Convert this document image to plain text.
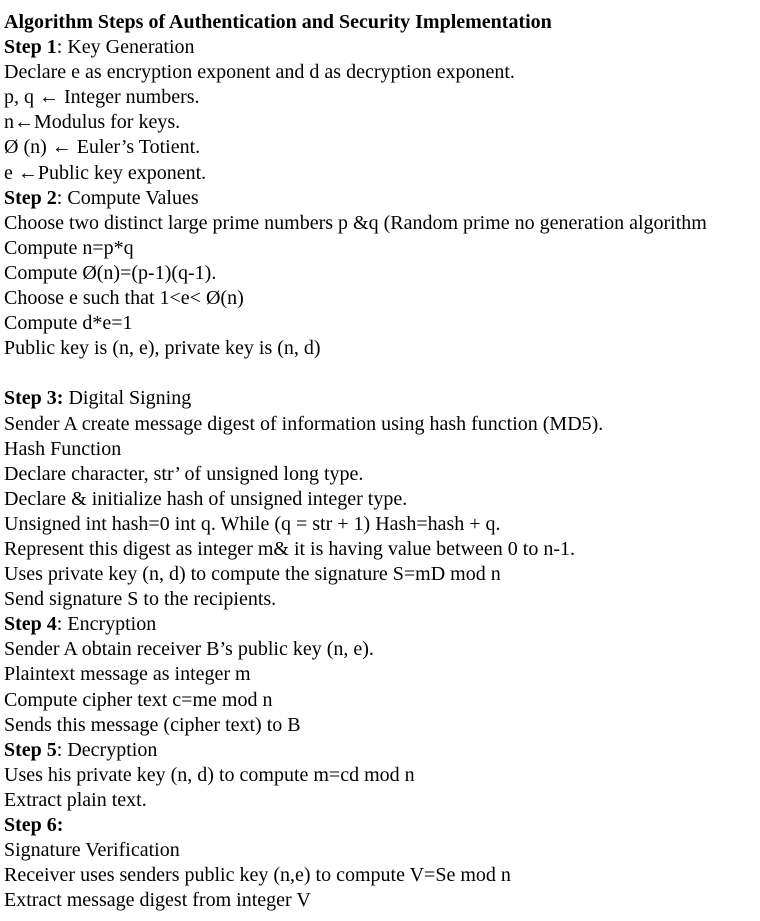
Algorithm Steps of Authentication and Security Implementation
Step 1: Key Generation
Declare e as encryption exponent and d as decryption exponent.
p, q ← Integer numbers.
n←Modulus for keys.
Ø (n) ← Euler’s Totient.
e ←Public key exponent.
Step 2: Compute Values
Choose two distinct large prime numbers p &q (Random prime no generation algorithm
Compute n=p*q
Compute Ø(n)=(p-1)(q-1).
Choose e such that 1<e< Ø(n)
Compute d*e=1
Public key is (n, e), private key is (n, d)
Step 3: Digital Signing
Sender A create message digest of information using hash function (MD5).
Hash Function
Declare character, str’ of unsigned long type.
Declare & initialize hash of unsigned integer type.
Unsigned int hash=0 int q. While (q = str + 1) Hash=hash + q.
Represent this digest as integer m& it is having value between 0 to n-1.
Uses private key (n, d) to compute the signature S=mD mod n
Send signature S to the recipients.
Step 4: Encryption
Sender A obtain receiver B’s public key (n, e).
Plaintext message as integer m
Compute cipher text c=me mod n
Sends this message (cipher text) to B
Step 5: Decryption
Uses his private key (n, d) to compute m=cd mod n
Extract plain text.
Step 6:
Signature Verification
Receiver uses senders public key (n,e) to compute V=Se mod n
Extract message digest from integer V
